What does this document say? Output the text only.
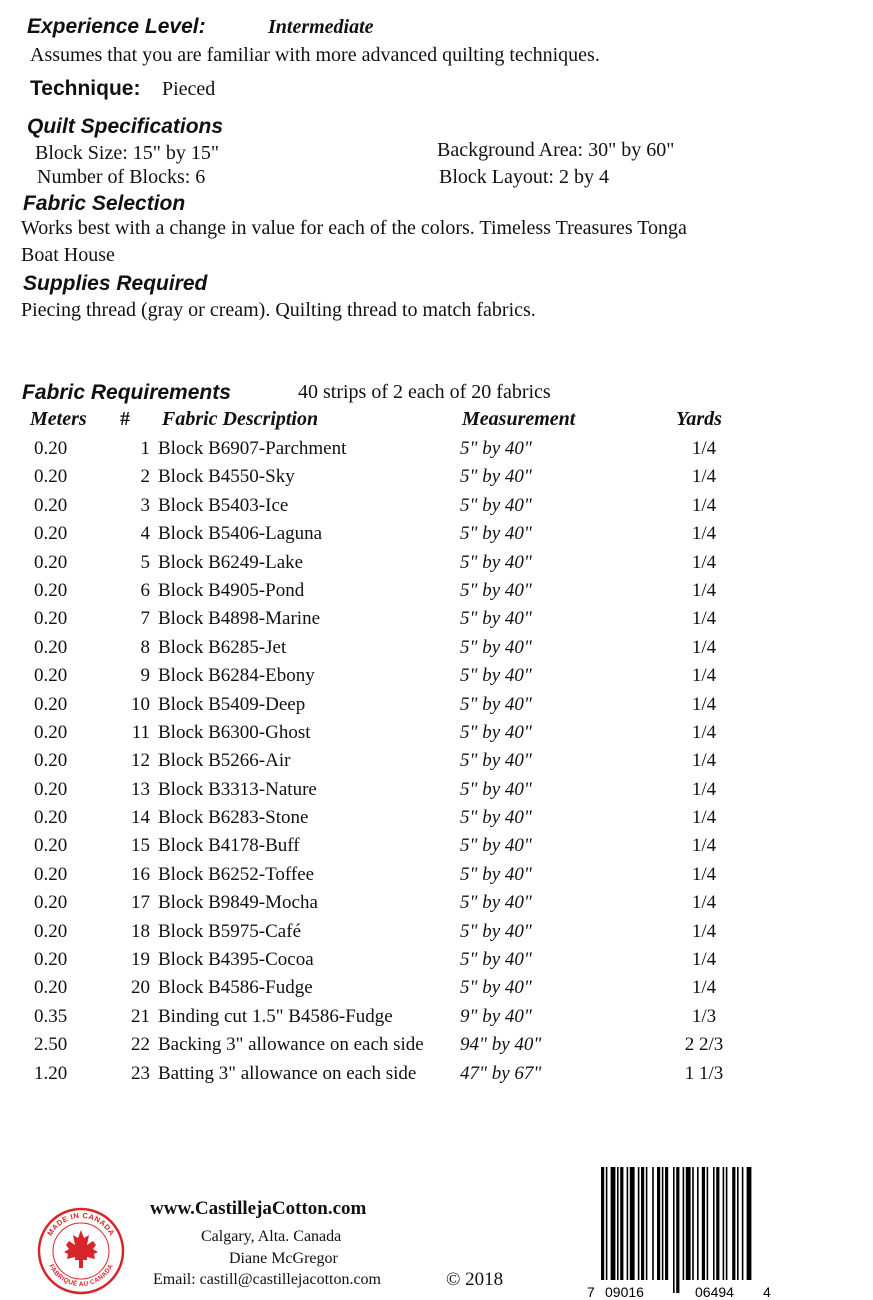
Experience Level:	Intermediate
Assumes that you are familiar with more advanced quilting techniques.
Technique: Pieced
Quilt Specifications
Block Size: 15" by 15"
Number of Blocks: 6
Background Area: 30" by 60"
Block Layout: 2 by 4
Fabric Selection
Works best with a change in value for each of the colors. Timeless Treasures Tonga
Boat House
Supplies Required
Piecing thread (gray or cream). Quilting thread to match fabrics.
Fabric Requirements	40 strips of 2 each of 20 fabrics
Meters # Fabric Description	Measurement	Yards
0.20	1 Block B6907-Parchment	5" by 40"	1/4
0.20	2 Block B4550-Sky	5" by 40"	1/4
0.20	3 Block B5403-Ice	5" by 40"	1/4
0.20	4 Block B5406-Laguna	5" by 40"	1/4
0.20	5 Block B6249-Lake	5" by 40"	1/4
0.20	6 Block B4905-Pond	5" by 40"	1/4
0.20	7 Block B4898-Marine	5" by 40"	1/4
0.20	8 Block B6285-Jet	5" by 40"	1/4
0.20	9 Block B6284-Ebony	5" by 40"	1/4
0.20	10 Block B5409-Deep	5" by 40"	1/4
0.20	11 Block B6300-Ghost	5" by 40"	1/4
0.20	12 Block B5266-Air	5" by 40"	1/4
0.20	13 Block B3313-Nature	5" by 40"	1/4
0.20	14 Block B6283-Stone	5" by 40"	1/4
0.20	15 Block B4178-Buff	5" by 40"	1/4
0.20	16 Block B6252-Toffee	5" by 40"	1/4
0.20	17 Block B9849-Mocha	5" by 40"	1/4
0.20	18 Block B5975-Café	5" by 40"	1/4
0.20	19 Block B4395-Cocoa	5" by 40"	1/4
0.20	20 Block B4586-Fudge	5" by 40"	1/4
0.35	21 Binding cut 1.5" B4586-Fudge	9" by 40"	1/3
2.50	22 Backing 3" allowance on each side 94" by 40"	2 2/3
1.20	23 Batting 3" allowance on each side 47" by 67"	1 1/3
MADE IN CANADA
FABRIQUÉ AU CANADA
www.CastillejaCotton.com
Calgary, Alta. Canada
Diane McGregor
Email: castill@castillejacotton.com	© 2018
7 09016	06494 4
